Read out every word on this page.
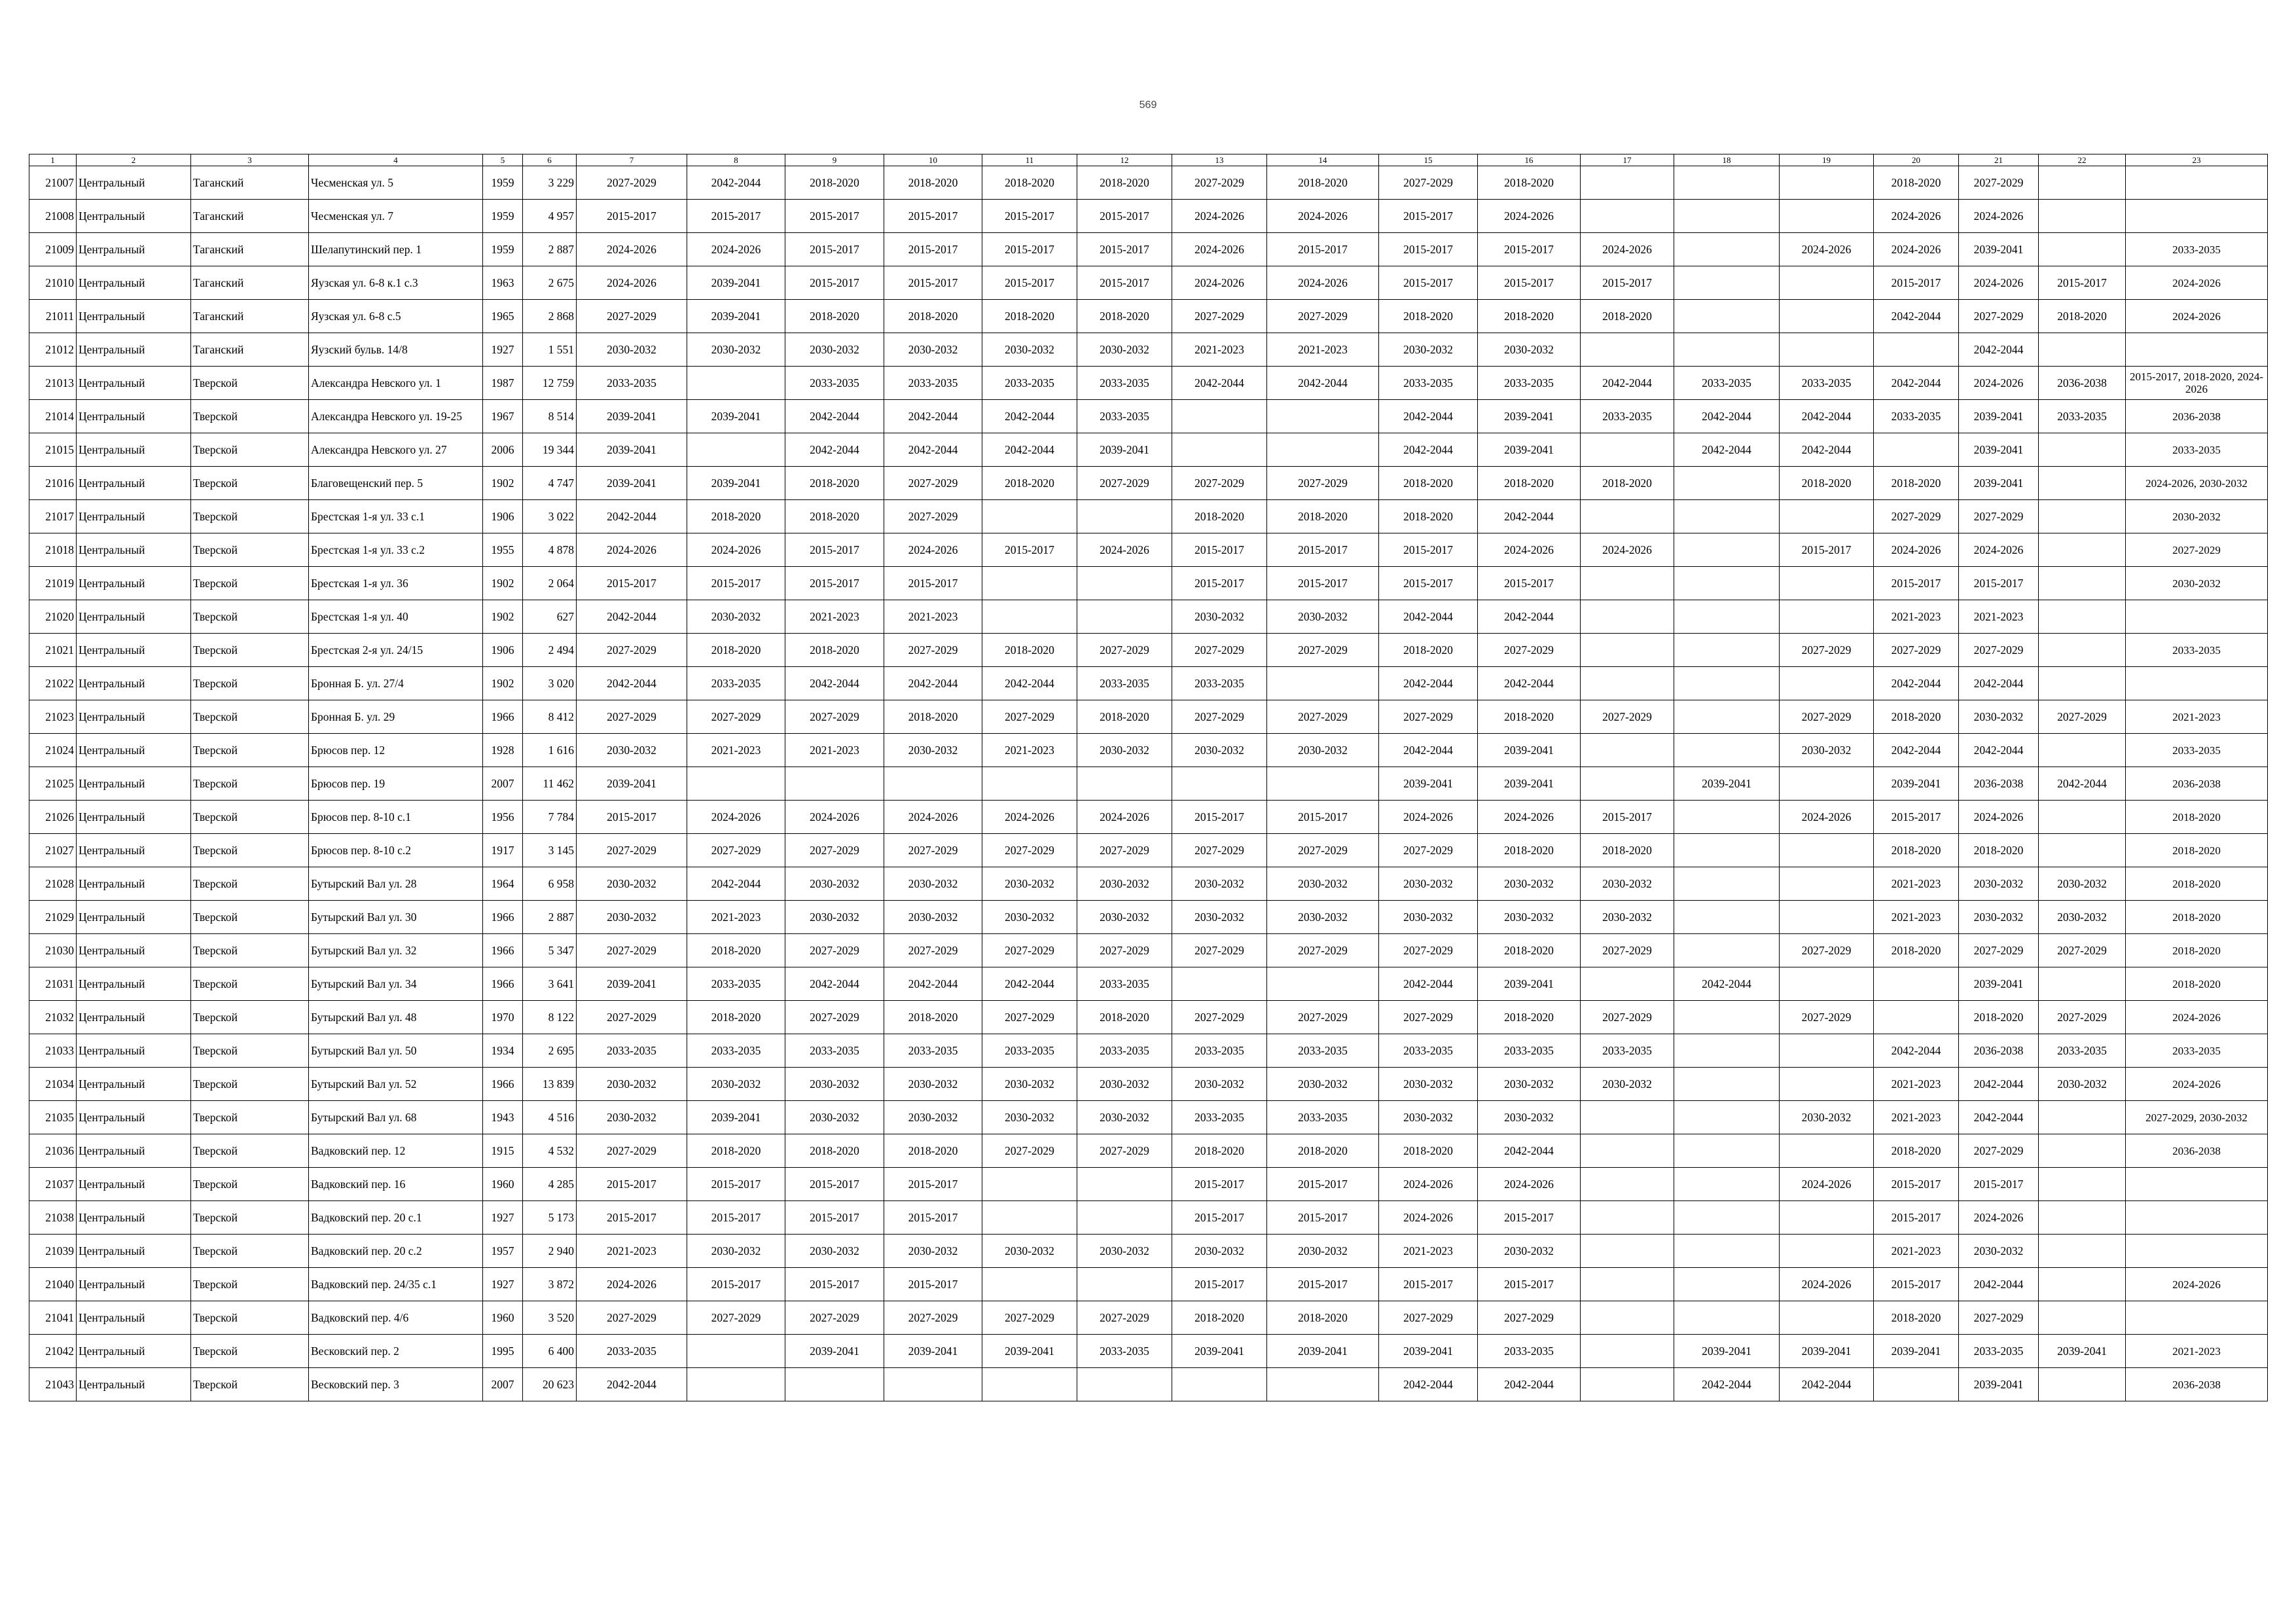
569
1	2	3	4	5	6	7	8	9	10	11	12	13	14	15	16	17	18	19	20	21	22	23
21007	Центральный	Таганский	Чесменская ул. 5	1959	3 229	2027-2029	2042-2044	2018-2020	2018-2020	2018-2020	2018-2020	2027-2029	2018-2020	2027-2029	2018-2020				2018-2020	2027-2029		
21008	Центральный	Таганский	Чесменская ул. 7	1959	4 957	2015-2017	2015-2017	2015-2017	2015-2017	2015-2017	2015-2017	2024-2026	2024-2026	2015-2017	2024-2026				2024-2026	2024-2026		
21009	Центральный	Таганский	Шелапутинский пер. 1	1959	2 887	2024-2026	2024-2026	2015-2017	2015-2017	2015-2017	2015-2017	2024-2026	2015-2017	2015-2017	2015-2017	2024-2026		2024-2026	2024-2026	2039-2041		2033-2035
21010	Центральный	Таганский	Яузская ул. 6-8 к.1 с.3	1963	2 675	2024-2026	2039-2041	2015-2017	2015-2017	2015-2017	2015-2017	2024-2026	2024-2026	2015-2017	2015-2017	2015-2017			2015-2017	2024-2026	2015-2017	2024-2026
21011	Центральный	Таганский	Яузская ул. 6-8 с.5	1965	2 868	2027-2029	2039-2041	2018-2020	2018-2020	2018-2020	2018-2020	2027-2029	2027-2029	2018-2020	2018-2020	2018-2020			2042-2044	2027-2029	2018-2020	2024-2026
21012	Центральный	Таганский	Яузский бульв. 14/8	1927	1 551	2030-2032	2030-2032	2030-2032	2030-2032	2030-2032	2030-2032	2021-2023	2021-2023	2030-2032	2030-2032					2042-2044		
21013	Центральный	Тверской	Александра Невского ул. 1	1987	12 759	2033-2035		2033-2035	2033-2035	2033-2035	2033-2035	2042-2044	2042-2044	2033-2035	2033-2035	2042-2044	2033-2035	2033-2035	2042-2044	2024-2026	2036-2038	2015-2017, 2018-2020, 2024-2026
21014	Центральный	Тверской	Александра Невского ул. 19-25	1967	8 514	2039-2041	2039-2041	2042-2044	2042-2044	2042-2044	2033-2035			2042-2044	2039-2041	2033-2035	2042-2044	2042-2044	2033-2035	2039-2041	2033-2035	2036-2038
21015	Центральный	Тверской	Александра Невского ул. 27	2006	19 344	2039-2041		2042-2044	2042-2044	2042-2044	2039-2041			2042-2044	2039-2041		2042-2044	2042-2044		2039-2041		2033-2035
21016	Центральный	Тверской	Благовещенский пер. 5	1902	4 747	2039-2041	2039-2041	2018-2020	2027-2029	2018-2020	2027-2029	2027-2029	2027-2029	2018-2020	2018-2020	2018-2020		2018-2020	2018-2020	2039-2041		2024-2026, 2030-2032
21017	Центральный	Тверской	Брестская 1-я ул. 33 с.1	1906	3 022	2042-2044	2018-2020	2018-2020	2027-2029			2018-2020	2018-2020	2018-2020	2042-2044				2027-2029	2027-2029		2030-2032
21018	Центральный	Тверской	Брестская 1-я ул. 33 с.2	1955	4 878	2024-2026	2024-2026	2015-2017	2024-2026	2015-2017	2024-2026	2015-2017	2015-2017	2015-2017	2024-2026	2024-2026		2015-2017	2024-2026	2024-2026		2027-2029
21019	Центральный	Тверской	Брестская 1-я ул. 36	1902	2 064	2015-2017	2015-2017	2015-2017	2015-2017			2015-2017	2015-2017	2015-2017	2015-2017				2015-2017	2015-2017		2030-2032
21020	Центральный	Тверской	Брестская 1-я ул. 40	1902	627	2042-2044	2030-2032	2021-2023	2021-2023			2030-2032	2030-2032	2042-2044	2042-2044				2021-2023	2021-2023		
21021	Центральный	Тверской	Брестская 2-я ул. 24/15	1906	2 494	2027-2029	2018-2020	2018-2020	2027-2029	2018-2020	2027-2029	2027-2029	2027-2029	2018-2020	2027-2029			2027-2029	2027-2029	2027-2029		2033-2035
21022	Центральный	Тверской	Бронная Б. ул. 27/4	1902	3 020	2042-2044	2033-2035	2042-2044	2042-2044	2042-2044	2033-2035	2033-2035		2042-2044	2042-2044				2042-2044	2042-2044		
21023	Центральный	Тверской	Бронная Б. ул. 29	1966	8 412	2027-2029	2027-2029	2027-2029	2018-2020	2027-2029	2018-2020	2027-2029	2027-2029	2027-2029	2018-2020	2027-2029		2027-2029	2018-2020	2030-2032	2027-2029	2021-2023
21024	Центральный	Тверской	Брюсов пер. 12	1928	1 616	2030-2032	2021-2023	2021-2023	2030-2032	2021-2023	2030-2032	2030-2032	2030-2032	2042-2044	2039-2041			2030-2032	2042-2044	2042-2044		2033-2035
21025	Центральный	Тверской	Брюсов пер. 19	2007	11 462	2039-2041								2039-2041	2039-2041		2039-2041		2039-2041	2036-2038	2042-2044	2036-2038
21026	Центральный	Тверской	Брюсов пер. 8-10 с.1	1956	7 784	2015-2017	2024-2026	2024-2026	2024-2026	2024-2026	2024-2026	2015-2017	2015-2017	2024-2026	2024-2026	2015-2017		2024-2026	2015-2017	2024-2026		2018-2020
21027	Центральный	Тверской	Брюсов пер. 8-10 с.2	1917	3 145	2027-2029	2027-2029	2027-2029	2027-2029	2027-2029	2027-2029	2027-2029	2027-2029	2027-2029	2018-2020	2018-2020			2018-2020	2018-2020		2018-2020
21028	Центральный	Тверской	Бутырский Вал ул. 28	1964	6 958	2030-2032	2042-2044	2030-2032	2030-2032	2030-2032	2030-2032	2030-2032	2030-2032	2030-2032	2030-2032	2030-2032			2021-2023	2030-2032	2030-2032	2018-2020
21029	Центральный	Тверской	Бутырский Вал ул. 30	1966	2 887	2030-2032	2021-2023	2030-2032	2030-2032	2030-2032	2030-2032	2030-2032	2030-2032	2030-2032	2030-2032	2030-2032			2021-2023	2030-2032	2030-2032	2018-2020
21030	Центральный	Тверской	Бутырский Вал ул. 32	1966	5 347	2027-2029	2018-2020	2027-2029	2027-2029	2027-2029	2027-2029	2027-2029	2027-2029	2027-2029	2018-2020	2027-2029		2027-2029	2018-2020	2027-2029	2027-2029	2018-2020
21031	Центральный	Тверской	Бутырский Вал ул. 34	1966	3 641	2039-2041	2033-2035	2042-2044	2042-2044	2042-2044	2033-2035			2042-2044	2039-2041		2042-2044			2039-2041		2018-2020
21032	Центральный	Тверской	Бутырский Вал ул. 48	1970	8 122	2027-2029	2018-2020	2027-2029	2018-2020	2027-2029	2018-2020	2027-2029	2027-2029	2027-2029	2018-2020	2027-2029		2027-2029		2018-2020	2027-2029	2024-2026
21033	Центральный	Тверской	Бутырский Вал ул. 50	1934	2 695	2033-2035	2033-2035	2033-2035	2033-2035	2033-2035	2033-2035	2033-2035	2033-2035	2033-2035	2033-2035	2033-2035			2042-2044	2036-2038	2033-2035	2033-2035
21034	Центральный	Тверской	Бутырский Вал ул. 52	1966	13 839	2030-2032	2030-2032	2030-2032	2030-2032	2030-2032	2030-2032	2030-2032	2030-2032	2030-2032	2030-2032	2030-2032			2021-2023	2042-2044	2030-2032	2024-2026
21035	Центральный	Тверской	Бутырский Вал ул. 68	1943	4 516	2030-2032	2039-2041	2030-2032	2030-2032	2030-2032	2030-2032	2033-2035	2033-2035	2030-2032	2030-2032			2030-2032	2021-2023	2042-2044		2027-2029, 2030-2032
21036	Центральный	Тверской	Вадковский пер. 12	1915	4 532	2027-2029	2018-2020	2018-2020	2018-2020	2027-2029	2027-2029	2018-2020	2018-2020	2018-2020	2042-2044				2018-2020	2027-2029		2036-2038
21037	Центральный	Тверской	Вадковский пер. 16	1960	4 285	2015-2017	2015-2017	2015-2017	2015-2017			2015-2017	2015-2017	2024-2026	2024-2026			2024-2026	2015-2017	2015-2017		
21038	Центральный	Тверской	Вадковский пер. 20 с.1	1927	5 173	2015-2017	2015-2017	2015-2017	2015-2017			2015-2017	2015-2017	2024-2026	2015-2017				2015-2017	2024-2026		
21039	Центральный	Тверской	Вадковский пер. 20 с.2	1957	2 940	2021-2023	2030-2032	2030-2032	2030-2032	2030-2032	2030-2032	2030-2032	2030-2032	2021-2023	2030-2032				2021-2023	2030-2032		
21040	Центральный	Тверской	Вадковский пер. 24/35 с.1	1927	3 872	2024-2026	2015-2017	2015-2017	2015-2017			2015-2017	2015-2017	2015-2017	2015-2017			2024-2026	2015-2017	2042-2044		2024-2026
21041	Центральный	Тверской	Вадковский пер. 4/6	1960	3 520	2027-2029	2027-2029	2027-2029	2027-2029	2027-2029	2027-2029	2018-2020	2018-2020	2027-2029	2027-2029				2018-2020	2027-2029		
21042	Центральный	Тверской	Весковский пер. 2	1995	6 400	2033-2035		2039-2041	2039-2041	2039-2041	2033-2035	2039-2041	2039-2041	2039-2041	2033-2035		2039-2041	2039-2041	2039-2041	2033-2035	2039-2041	2021-2023
21043	Центральный	Тверской	Весковский пер. 3	2007	20 623	2042-2044								2042-2044	2042-2044		2042-2044	2042-2044		2039-2041		2036-2038
